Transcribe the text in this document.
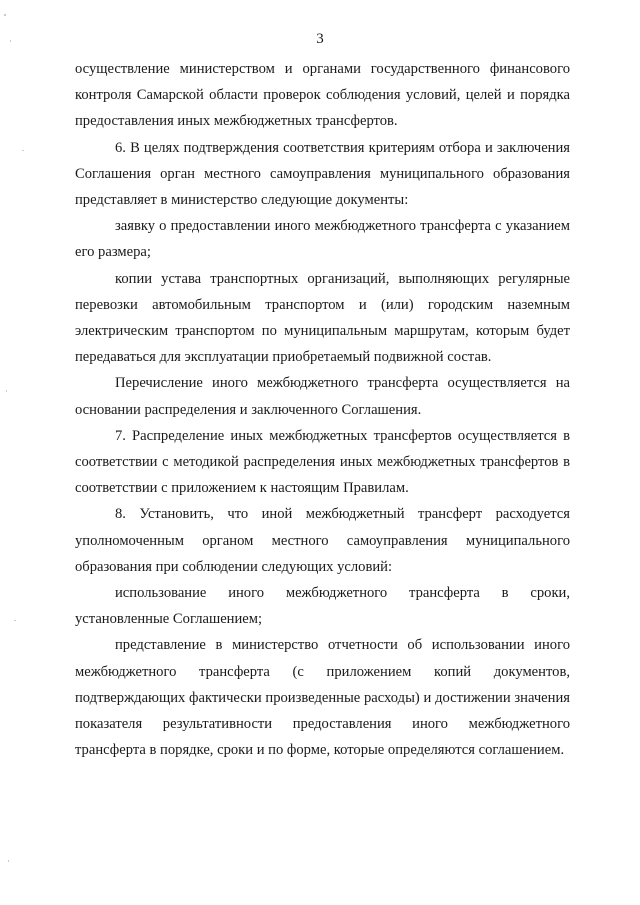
3

осуществление министерством и органами государственного финансового контроля Самарской области проверок соблюдения условий, целей и порядка предоставления иных межбюджетных трансфертов.

6. В целях подтверждения соответствия критериям отбора и заключения Соглашения орган местного самоуправления муниципального образования представляет в министерство следующие документы:

заявку о предоставлении иного межбюджетного трансферта с указанием его размера;

копии устава транспортных организаций, выполняющих регулярные перевозки автомобильным транспортом и (или) городским наземным электрическим транспортом по муниципальным маршрутам, которым будет передаваться для эксплуатации приобретаемый подвижной состав.

Перечисление иного межбюджетного трансферта осуществляется на основании распределения и заключенного Соглашения.

7. Распределение иных межбюджетных трансфертов осуществляется в соответствии с методикой распределения иных межбюджетных трансфертов в соответствии с приложением к настоящим Правилам.

8. Установить, что иной межбюджетный трансферт расходуется уполномоченным органом местного самоуправления муниципального образования при соблюдении следующих условий:

использование иного межбюджетного трансферта в сроки, установленные Соглашением;

представление в министерство отчетности об использовании иного межбюджетного трансферта (с приложением копий документов, подтверждающих фактически произведенные расходы) и достижении значения показателя результативности предоставления иного межбюджетного трансферта в порядке, сроки и по форме, которые определяются соглашением.
